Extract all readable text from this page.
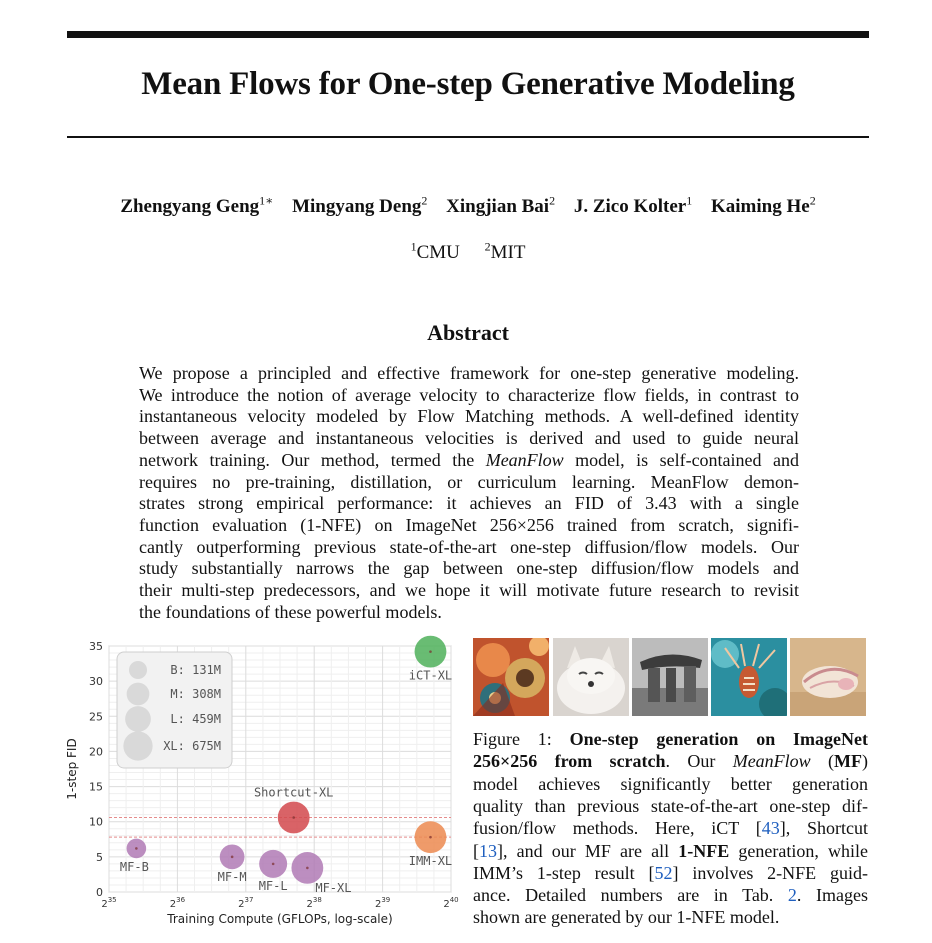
Mean Flows for One-step Generative Modeling
Zhengyang Geng$^{1∗}$ Mingyang Deng$^2$ Xingjian Bai$^2$ J. Zico Kolter$^1$ Kaiming He$^2$
$^1$CMU $^2$MIT
Abstract
We propose a principled and effective framework for one-step generative modeling.
We introduce the notion of average velocity to characterize flow fields, in contrast to
instantaneous velocity modeled by Flow Matching methods. A well-defined identity
between average and instantaneous velocities is derived and used to guide neural
network training. Our method, termed the MeanFlow model, is self-contained and
requires no pre-training, distillation, or curriculum learning. MeanFlow demon-
strates strong empirical performance: it achieves an FID of 3.43 with a single
function evaluation (1-NFE) on ImageNet 256×256 trained from scratch, signifi-
cantly outperforming previous state-of-the-art one-step diffusion/flow models. Our
study substantially narrows the gap between one-step diffusion/flow models and
their multi-step predecessors, and we hope it will motivate future research to revisit
the foundations of these powerful models.
0
5
10
15
20
25
30
35
$2^{35}$	$2^{36}$	$2^{37}$	$2^{38}$	$2^{39}$	$2^{40}$
Training Compute (GFLOPs, log-scale)
1-step FID
B: 131M
M: 308M
L: 459M
XL: 675M
MF-B
MF-M
MF-L MF-XL
Shortcut-XL
IMM-XL
iCT-XL
Figure 1: One-step generation on ImageNet
256×256 from scratch. Our MeanFlow (MF)
model achieves significantly better generation
quality than previous state-of-the-art one-step dif-
fusion/flow methods. Here, iCT [43], Shortcut
[13], and our MF are all 1-NFE generation, while
IMM’s 1-step result [52] involves 2-NFE guid-
ance. Detailed numbers are in Tab. 2. Images
shown are generated by our 1-NFE model.
